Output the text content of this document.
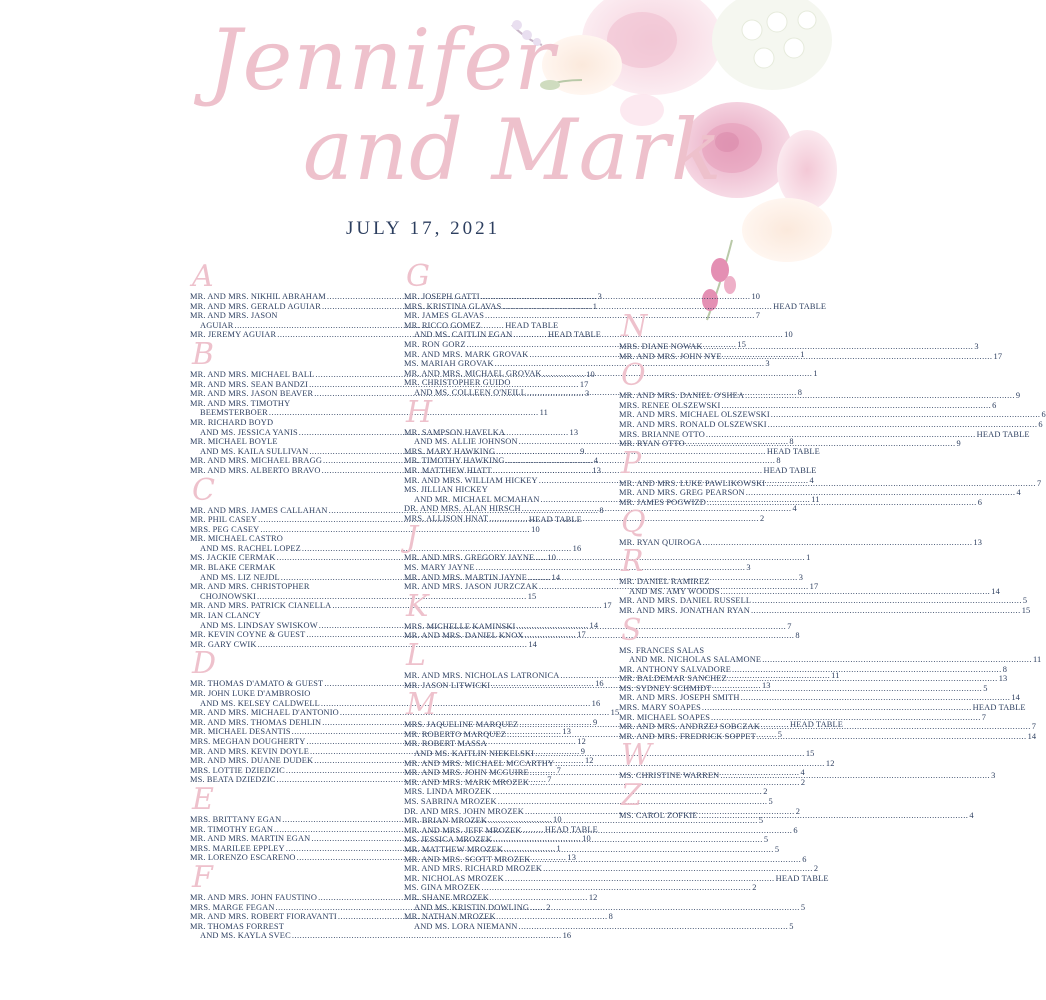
Jennifer
and Mark
JULY 17, 2021
A
MR. AND MRS. NIKHIL ABRAHAM .....	3
MR. AND MRS. GERALD AGUIAR .....	1
MR. AND MRS. JASON
AGUIAR .....	HEAD TABLE
MR. JEREMY AGUIAR .....	HEAD TABLE
B
MR. AND MRS. MICHAEL BALL .....	10
MR. AND MRS. SEAN BANDZI .....	17
MR. AND MRS. JASON BEAVER .....	3
MR. AND MRS. TIMOTHY
BEEMSTERBOER .....	11
MR. RICHARD BOYD
AND MS. JESSICA YANIS .....	13
MR. MICHAEL BOYLE
AND MS. KAILA SULLIVAN .....	9
MR. AND MRS. MICHAEL BRAGG .....	4
MR. AND MRS. ALBERTO BRAVO .....	13
C
MR. AND MRS. JAMES CALLAHAN .....	8
MR. PHIL CASEY .....	HEAD TABLE
MRS. PEG CASEY .....	10
MR. MICHAEL CASTRO
AND MS. RACHEL LOPEZ .....	16
MS. JACKIE CERMAK .....	10
MR. BLAKE CERMAK
AND MS. LIZ NEJDL .....	14
MR. AND MRS. CHRISTOPHER
CHOJNOWSKI .....	15
MR. AND MRS. PATRICK CIANELLA .....	17
MR. IAN CLANCY
AND MS. LINDSAY SWISKOW .....	14
MR. KEVIN COYNE & GUEST .....	17
MR. GARY CWIK .....	14
D
MR. THOMAS D'AMATO & GUEST .....	16
MR. JOHN LUKE D'AMBROSIO
AND MS. KELSEY CALDWELL .....	16
MR. AND MRS. MICHAEL D'ANTONIO .....	15
MR. AND MRS. THOMAS DEHLIN .....	9
MR. MICHAEL DESANTIS .....	13
MRS. MEGHAN DOUGHERTY .....	12
MR. AND MRS. KEVIN DOYLE .....	9
MR. AND MRS. DUANE DUDEK .....	12
MRS. LOTTIE DZIEDZIC .....	7
MS. BEATA DZIEDZIC .....	7
E
MRS. BRITTANY EGAN .....	10
MR. TIMOTHY EGAN .....	HEAD TABLE
MR. AND MRS. MARTIN EGAN .....	10
MRS. MARILEE EPPLEY .....	1
MR. LORENZO ESCARENO .....	13
F
MR. AND MRS. JOHN FAUSTINO .....	12
MRS. MARGE FEGAN .....	2
MR. AND MRS. ROBERT FIORAVANTI .....	8
MR. THOMAS FORREST
AND MS. KAYLA SVEC .....	16
G
MR. JOSEPH GATTI .....	10
MRS. KRISTINA GLAVAS .....	HEAD TABLE
MR. JAMES GLAVAS .....	7
MR. RICCO GOMEZ
AND MS. CAITLIN EGAN .....	10
MR. RON GORZ .....	15
MR. AND MRS. MARK GROVAK .....	1
MS. MARIAH GROVAK .....	3
MR. AND MRS. MICHAEL GROVAK .....	1
MR. CHRISTOPHER GUIDO
AND MS. COLLEEN O'NEILL .....	8
H
MR. SAMPSON HAVELKA
AND MS. ALLIE JOHNSON .....	8
MRS. MARY HAWKING .....	HEAD TABLE
MR. TIMOTHY HAWKING .....	8
MR. MATTHEW HIATT .....	HEAD TABLE
MR. AND MRS. WILLIAM HICKEY .....	4
MS. JILLIAN HICKEY
AND MR. MICHAEL MCMAHAN .....	11
DR. AND MRS. ALAN HIRSCH .....	4
MRS. ALLISON HNAT .....	2
J
MR. AND MRS. GREGORY JAYNE .....	1
MS. MARY JAYNE .....	3
MR. AND MRS. MARTIN JAYNE .....	3
MR. AND MRS. JASON JURZCZAK .....	17
K
MRS. MICHELLE KAMINSKI .....	7
MR. AND MRS. DANIEL KNOX .....	8
L
MR. AND MRS. NICHOLAS LATRONICA .....	11
MR. JASON LITWICKI .....	13
M
MRS. JAQUELINE MARQUEZ .....	HEAD TABLE
MR. ROBERTO MARQUEZ .....	5
MR. ROBERT MASSA
AND MS. KAITLIN NIEKELSKI .....	15
MR. AND MRS. MICHAEL MCCARTHY .....	12
MR. AND MRS. JOHN MCGUIRE .....	4
MR. AND MRS. MARK MROZEK .....	2
MRS. LINDA MROZEK .....	2
MS. SABRINA MROZEK .....	5
DR. AND MRS. JOHN MROZEK .....	2
MR. BRIAN MROZEK .....	5
MR. AND MRS. JEFF MROZEK .....	6
MS. JESSICA MROZEK .....	5
MR. MATTHEW MROZEK .....	5
MR. AND MRS. SCOTT MROZEK .....	6
MR. AND MRS. RICHARD MROZEK .....	2
MR. NICHOLAS MROZEK .....	HEAD TABLE
MS. GINA MROZEK .....	2
MR. SHANE MROZEK
AND MS. KRISTIN DOWLING .....	5
MR. NATHAN MROZEK
AND MS. LORA NIEMANN .....	5
N
MRS. DIANE NOWAK .....	3
MR. AND MRS. JOHN NYE .....	17
O
MR. AND MRS. DANIEL O'SHEA .....	9
MRS. RENEE OLSZEWSKI .....	6
MR. AND MRS. MICHAEL OLSZEWSKI .....	6
MR. AND MRS. RONALD OLSZEWSKI .....	6
MRS. BRIANNE OTTO .....	HEAD TABLE
MR. RYAN OTTO .....	9
P
MR. AND MRS. LUKE PAWLIKOWSKI .....	7
MR. AND MRS. GREG PEARSON .....	4
MR. JAMES POGWIZD .....	6
Q
MR. RYAN QUIROGA .....	13
R
MR. DANIEL RAMIREZ
AND MS. AMY WOODS .....	14
MR. AND MRS. DANIEL RUSSELL .....	5
MR. AND MRS. JONATHAN RYAN .....	15
S
MS. FRANCES SALAS
AND MR. NICHOLAS SALAMONE .....	11
MR. ANTHONY SALVADORE .....	8
MR. BALDEMAR SANCHEZ .....	13
MS. SYDNEY SCHMIDT .....	5
MR. AND MRS. JOSEPH SMITH .....	14
MRS. MARY SOAPES .....	HEAD TABLE
MR. MICHAEL SOAPES .....	7
MR. AND MRS. ANDRZEJ SOBCZAK .....	7
MR. AND MRS. FREDRICK SOPPET .....	14
W
MS. CHRISTINE WARREN .....	3
Z
MS. CAROL ZOFKIE .....	4
